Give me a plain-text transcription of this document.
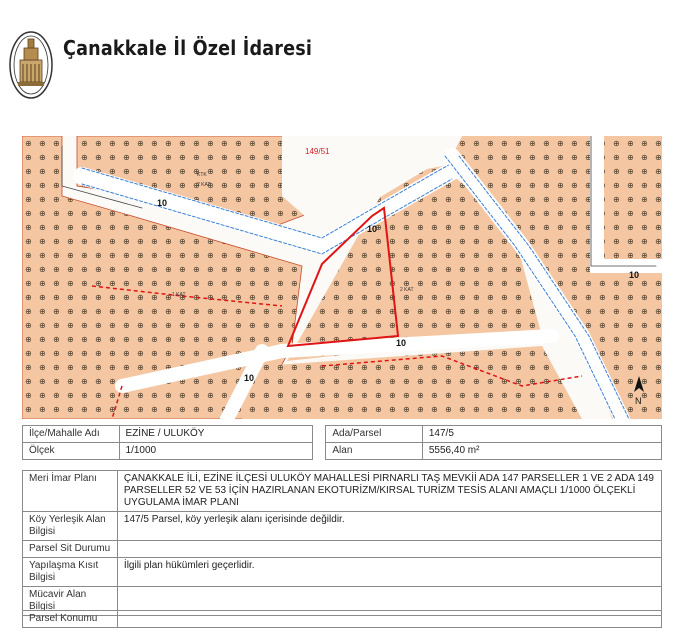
Çanakkale İl Özel İdaresi
149/51
10
10
10
10
10
KTK
2 KAT
1 KAT
2 KAT
N
İlçe/Mahalle Adı	EZİNE / ULUKÖY		Ada/Parsel	147/5
Ölçek	1/1000		Alan	5556,40 m²
Meri İmar Planı	ÇANAKKALE İLİ, EZİNE İLÇESİ ULUKÖY MAHALLESİ PIRNARLI TAŞ MEVKİİ ADA 147 PARSELLER 1 VE 2 ADA 149 PARSELLER 52 VE 53 İÇİN HAZIRLANAN EKOTURİZM/KIRSAL TURİZM TESİS ALANI AMAÇLI 1/1000 ÖLÇEKLİ UYGULAMA İMAR PLANI
Köy Yerleşik Alan Bilgisi	147/5 Parsel, köy yerleşik alanı içerisinde değildir.
Parsel Sit Durumu	
Yapılaşma Kısıt Bilgisi	İlgili plan hükümleri geçerlidir.
Mücavir Alan Bilgisi	
Parsel Konumu	
